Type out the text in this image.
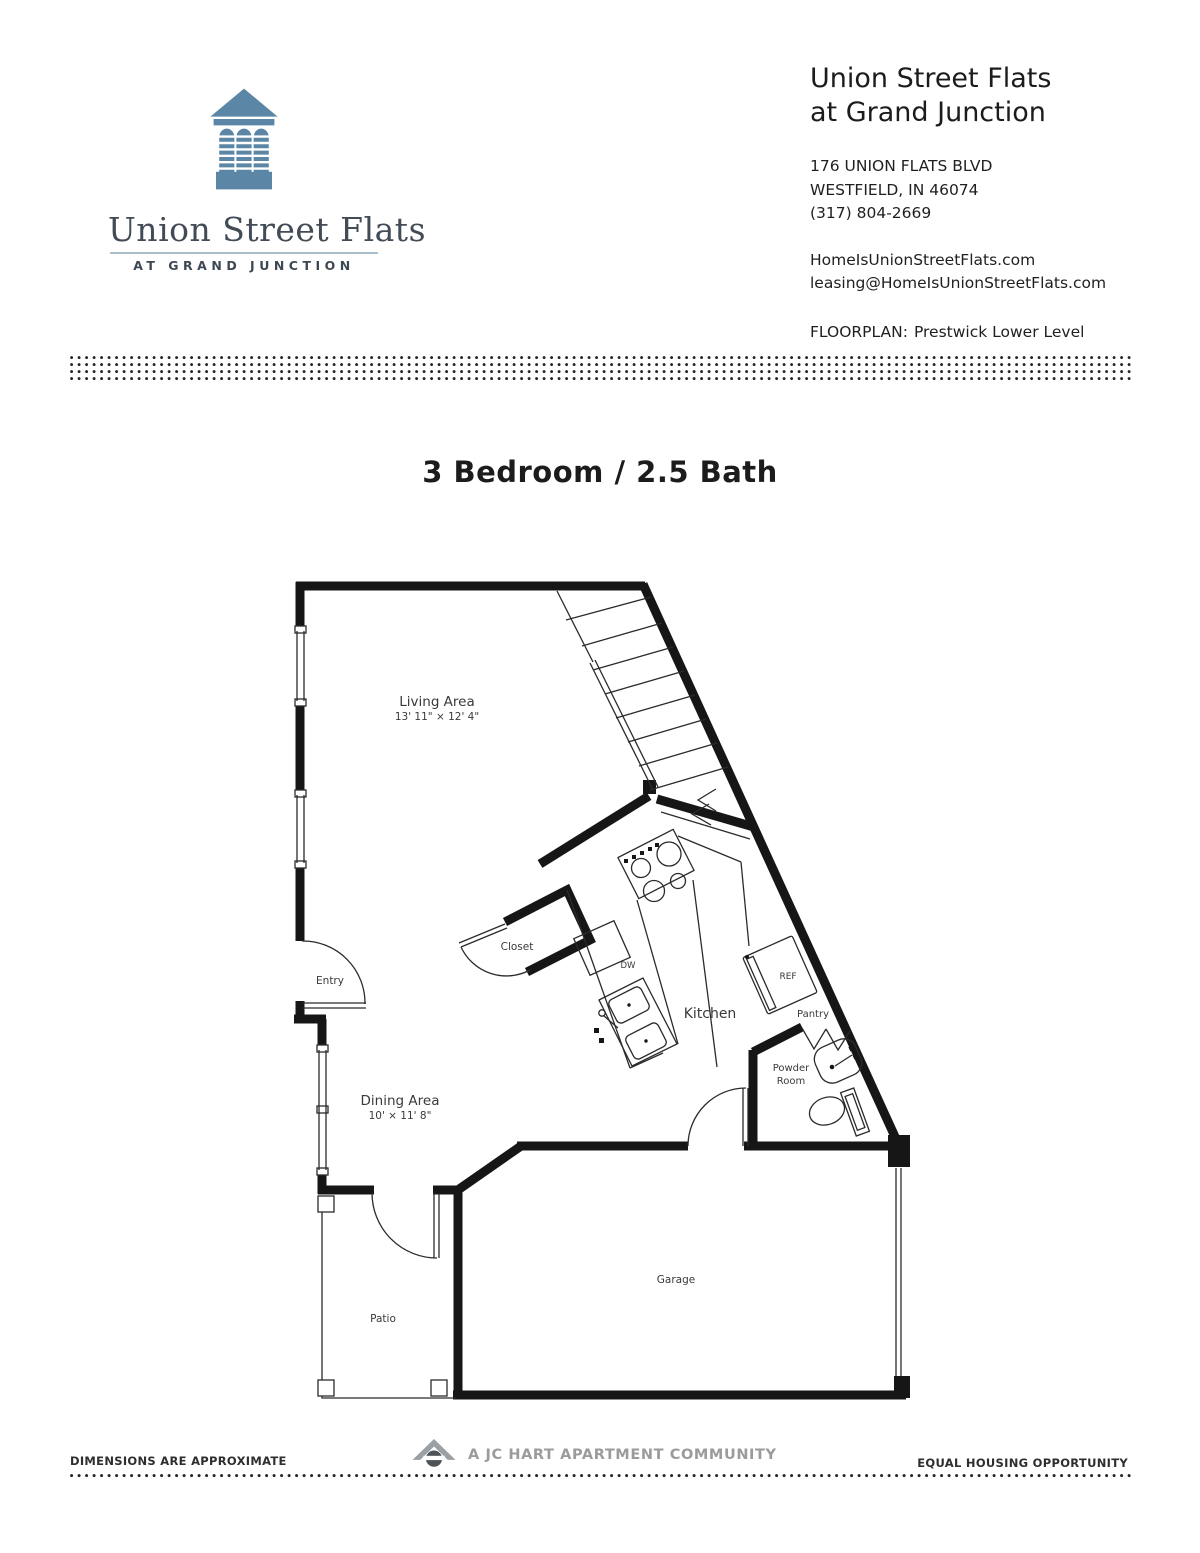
Union Street Flats
AT GRAND JUNCTION
Union Street Flats
at Grand Junction
176 UNION FLATS BLVD
WESTFIELD, IN 46074
(317) 804-2669
HomeIsUnionStreetFlats.com
leasing@HomeIsUnionStreetFlats.com
FLOORPLAN: Prestwick Lower Level
3 Bedroom / 2.5 Bath
Living Area
13' 11" × 12' 4"
Dining Area
10' × 11' 8"
Kitchen
Entry
Closet
DW
REF
Pantry
Powder
Room
Patio
Garage
DIMENSIONS ARE APPROXIMATE	A JC HART APARTMENT COMMUNITY
EQUAL HOUSING OPPORTUNITY
